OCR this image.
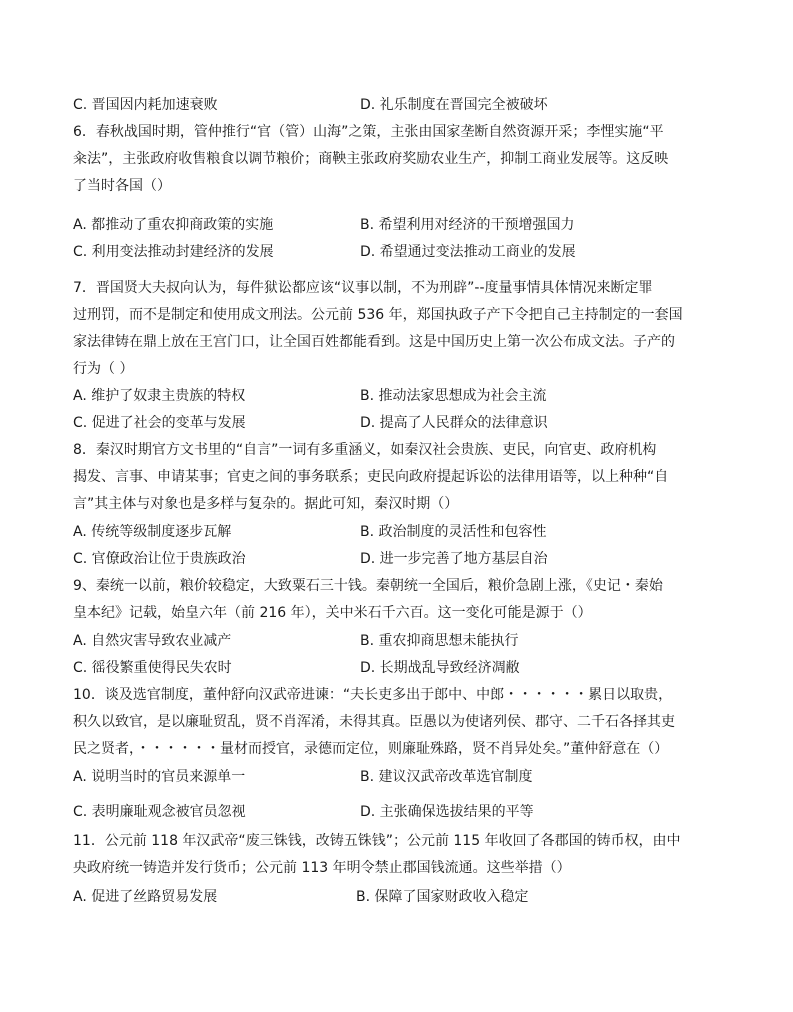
C. 晋国因内耗加速衰败	D. 礼乐制度在晋国完全被破坏
6．春秋战国时期，管仲推行“官（管）山海”之策，主张由国家垄断自然资源开采；李悝实施“平
籴法”，主张政府收售粮食以调节粮价；商鞅主张政府奖励农业生产，抑制工商业发展等。这反映
了当时各国（）
A. 都推动了重农抑商政策的实施	B. 希望利用对经济的干预增强国力
C. 利用变法推动封建经济的发展	D. 希望通过变法推动工商业的发展
7．晋国贤大夫叔向认为，每件狱讼都应该“议事以制，不为刑辟”--度量事情具体情况来断定罪
过刑罚，而不是制定和使用成文刑法。公元前 536 年，郑国执政子产下令把自己主持制定的一套国
家法律铸在鼎上放在王宫门口，让全国百姓都能看到。这是中国历史上第一次公布成文法。子产的
行为（ ）
A. 维护了奴隶主贵族的特权	B. 推动法家思想成为社会主流
C. 促进了社会的变革与发展	D. 提高了人民群众的法律意识
8．秦汉时期官方文书里的“自言”一词有多重涵义，如秦汉社会贵族、吏民，向官吏、政府机构
揭发、言事、申请某事；官吏之间的事务联系；吏民向政府提起诉讼的法律用语等，以上种种“自
言”其主体与对象也是多样与复杂的。据此可知，秦汉时期（）
A. 传统等级制度逐步瓦解	B. 政治制度的灵活性和包容性
C. 官僚政治让位于贵族政治	D. 进一步完善了地方基层自治
9、秦统一以前，粮价较稳定，大致粟石三十钱。秦朝统一全国后，粮价急剧上涨，《史记・秦始
皇本纪》记载，始皇六年（前 216 年），关中米石千六百。这一变化可能是源于（）
A. 自然灾害导致农业减产	B. 重农抑商思想未能执行
C. 徭役繁重使得民失农时	D. 长期战乱导致经济凋敝
10．谈及选官制度，董仲舒向汉武帝进谏：“夫长吏多出于郎中、中郎・・・・・・累日以取贵，
积久以致官，是以廉耻贸乱，贤不肖浑淆，未得其真。臣愚以为使诸列侯、郡守、二千石各择其吏
民之贤者，・・・・・・量材而授官，录德而定位，则廉耻殊路，贤不肖异处矣。”董仲舒意在（）
A. 说明当时的官员来源单一	B. 建议汉武帝改革选官制度
C. 表明廉耻观念被官员忽视	D. 主张确保选拔结果的平等
11．公元前 118 年汉武帝“废三铢钱，改铸五铢钱”；公元前 115 年收回了各郡国的铸币权，由中
央政府统一铸造并发行货币；公元前 113 年明令禁止郡国钱流通。这些举措（）
A. 促进了丝路贸易发展	B. 保障了国家财政收入稳定
